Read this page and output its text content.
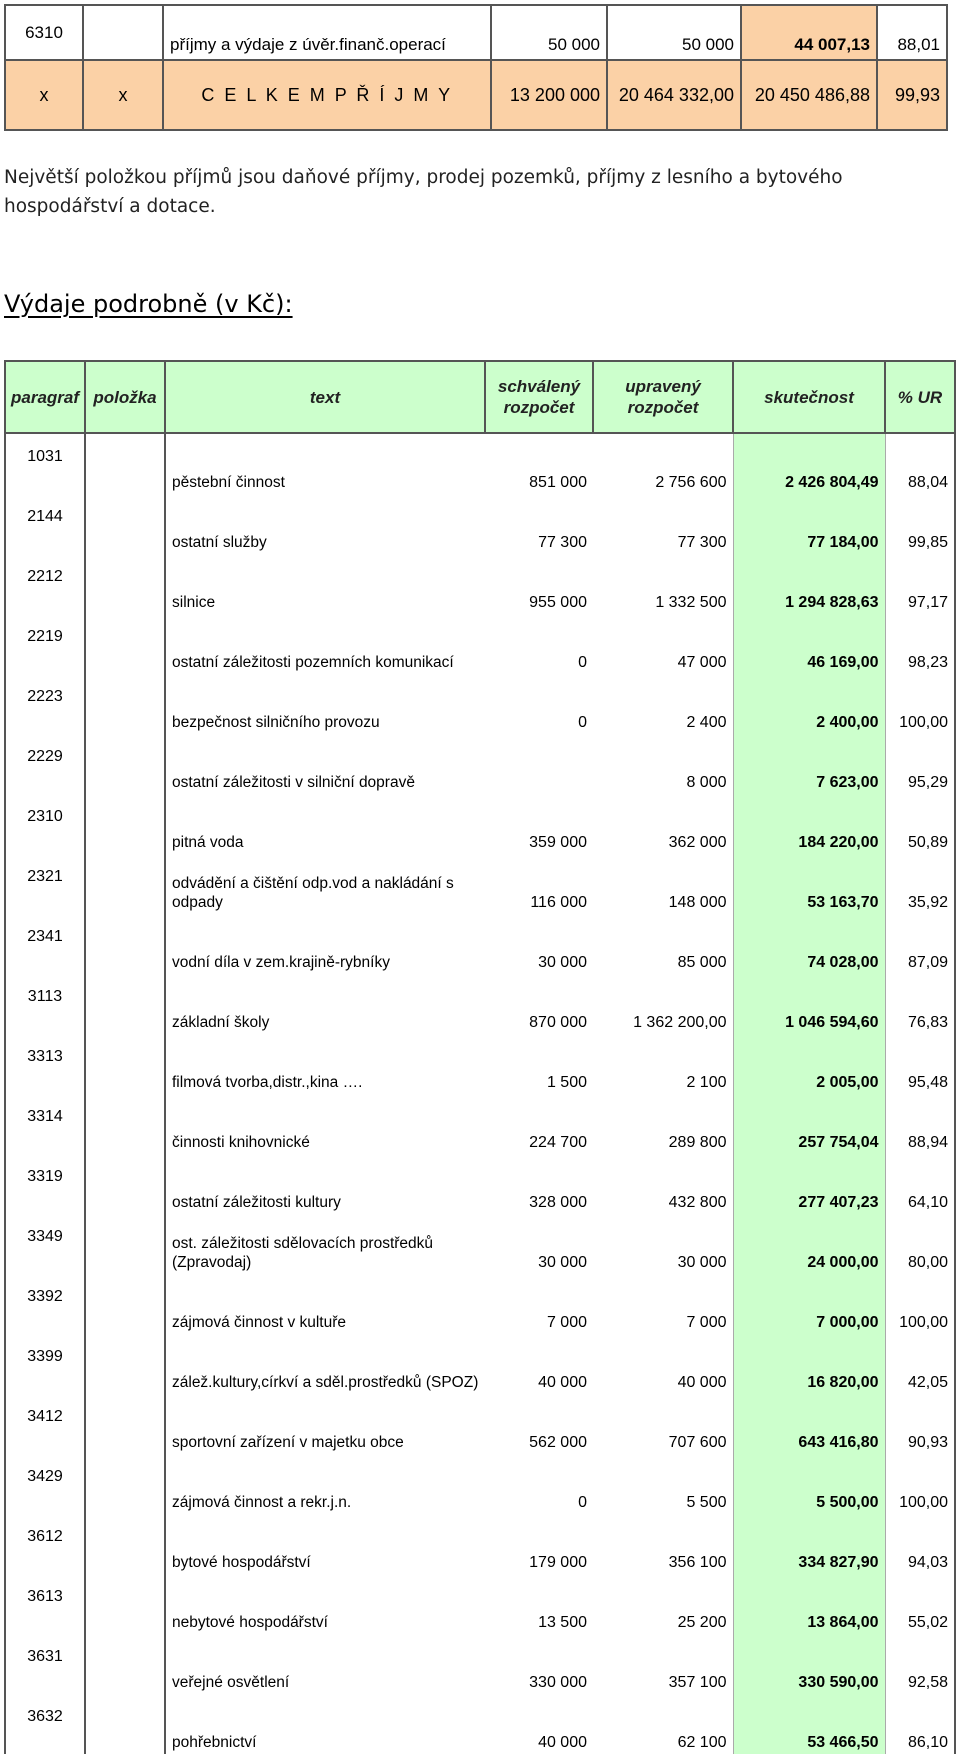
6310		příjmy a výdaje z úvěr.finanč.operací	50 000	50 000	44 007,13	88,01
x	x	C E L K E M P Ř Í J M Y	13 200 000	20 464 332,00	20 450 486,88	99,93
Největší položkou příjmů jsou daňové příjmy, prodej pozemků, příjmy z lesního a bytového hospodářství a dotace.
Výdaje podrobně (v Kč):
paragraf	položka	text	schválený rozpočet	upravený rozpočet	skutečnost	% UR
1031		pěstební činnost	851 000	2 756 600	2 426 804,49	88,04
2144		ostatní služby	77 300	77 300	77 184,00	99,85
2212		silnice	955 000	1 332 500	1 294 828,63	97,17
2219		ostatní záležitosti pozemních komunikací	0	47 000	46 169,00	98,23
2223		bezpečnost silničního provozu	0	2 400	2 400,00	100,00
2229		ostatní záležitosti v silniční dopravě		8 000	7 623,00	95,29
2310		pitná voda	359 000	362 000	184 220,00	50,89
2321		odvádění a čištění odp.vod a nakládání s odpady	116 000	148 000	53 163,70	35,92
2341		vodní díla v zem.krajině-rybníky	30 000	85 000	74 028,00	87,09
3113		základní školy	870 000	1 362 200,00	1 046 594,60	76,83
3313		filmová tvorba,distr.,kina ….	1 500	2 100	2 005,00	95,48
3314		činnosti knihovnické	224 700	289 800	257 754,04	88,94
3319		ostatní záležitosti kultury	328 000	432 800	277 407,23	64,10
3349		ost. záležitosti sdělovacích prostředků (Zpravodaj)	30 000	30 000	24 000,00	80,00
3392		zájmová činnost v kultuře	7 000	7 000	7 000,00	100,00
3399		zálež.kultury,církví a sděl.prostředků (SPOZ)	40 000	40 000	16 820,00	42,05
3412		sportovní zařízení v majetku obce	562 000	707 600	643 416,80	90,93
3429		zájmová činnost a rekr.j.n.	0	5 500	5 500,00	100,00
3612		bytové hospodářství	179 000	356 100	334 827,90	94,03
3613		nebytové hospodářství	13 500	25 200	13 864,00	55,02
3631		veřejné osvětlení	330 000	357 100	330 590,00	92,58
3632		pohřebnictví	40 000	62 100	53 466,50	86,10
